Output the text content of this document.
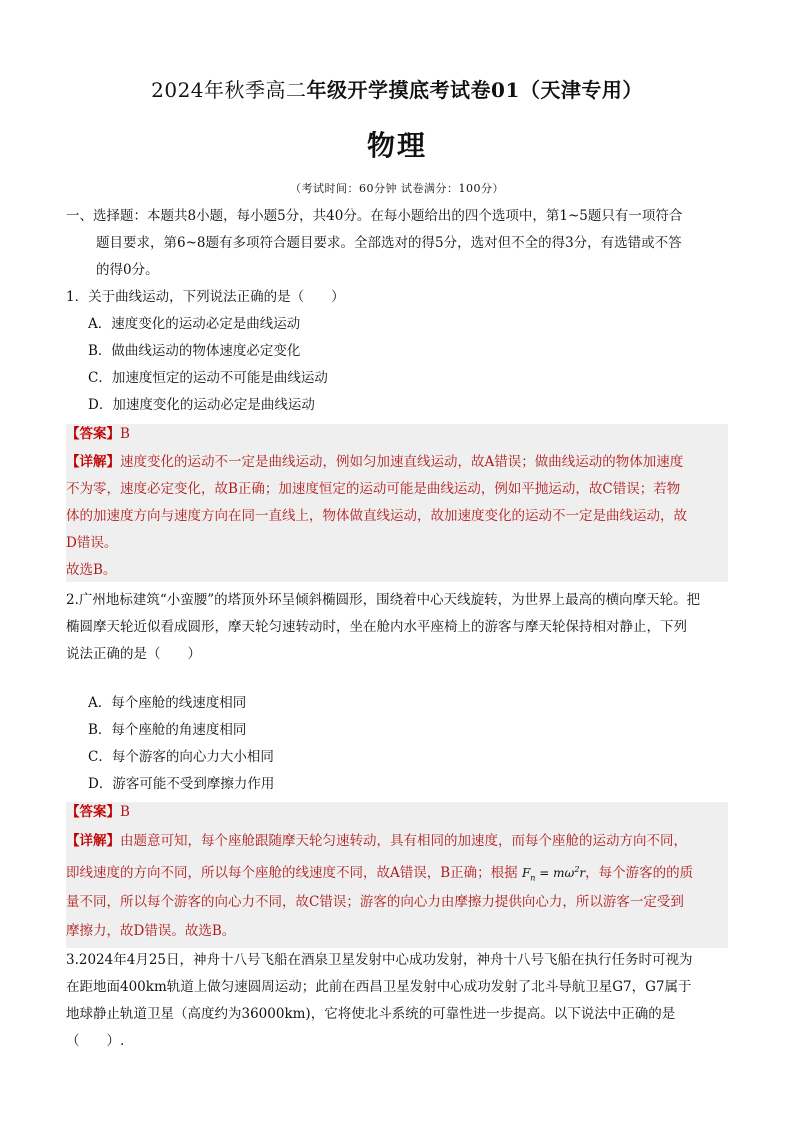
2024年秋季高二年级开学摸底考试卷01（天津专用）
物理
（考试时间：60分钟 试卷满分：100分）
一、选择题：本题共8小题，每小题5分，共40分。在每小题给出的四个选项中，第1~5题只有一项符合
题目要求，第6~8题有多项符合题目要求。全部选对的得5分，选对但不全的得3分，有选错或不答
的得0分。
1．关于曲线运动，下列说法正确的是（　　）
A．速度变化的运动必定是曲线运动
B．做曲线运动的物体速度必定变化
C．加速度恒定的运动不可能是曲线运动
D．加速度变化的运动必定是曲线运动
【答案】B
【详解】速度变化的运动不一定是曲线运动，例如匀加速直线运动，故A错误；做曲线运动的物体加速度
不为零，速度必定变化，故B正确；加速度恒定的运动可能是曲线运动，例如平抛运动，故C错误；若物
体的加速度方向与速度方向在同一直线上，物体做直线运动，故加速度变化的运动不一定是曲线运动，故
D错误。
故选B。
2.广州地标建筑“小蛮腰”的塔顶外环呈倾斜椭圆形，围绕着中心天线旋转，为世界上最高的横向摩天轮。把
椭圆摩天轮近似看成圆形，摩天轮匀速转动时，坐在舱内水平座椅上的游客与摩天轮保持相对静止，下列
说法正确的是（　　）
A．每个座舱的线速度相同
B．每个座舱的角速度相同
C．每个游客的向心力大小相同
D．游客可能不受到摩擦力作用
【答案】B
【详解】由题意可知，每个座舱跟随摩天轮匀速转动，具有相同的加速度，而每个座舱的运动方向不同，
即线速度的方向不同，所以每个座舱的线速度不同，故A错误，B正确；根据 $F_n = m\omega^2r$，每个游客的的质
量不同，所以每个游客的向心力不同，故C错误；游客的向心力由摩擦力提供向心力，所以游客一定受到
摩擦力，故D错误。故选B。
3.2024年4月25日，神舟十八号飞船在酒泉卫星发射中心成功发射，神舟十八号飞船在执行任务时可视为
在距地面400km轨道上做匀速圆周运动；此前在西昌卫星发射中心成功发射了北斗导航卫星G7，G7属于
地球静止轨道卫星（高度约为36000km)，它将使北斗系统的可靠性进一步提高。以下说法中正确的是
（　　）.
